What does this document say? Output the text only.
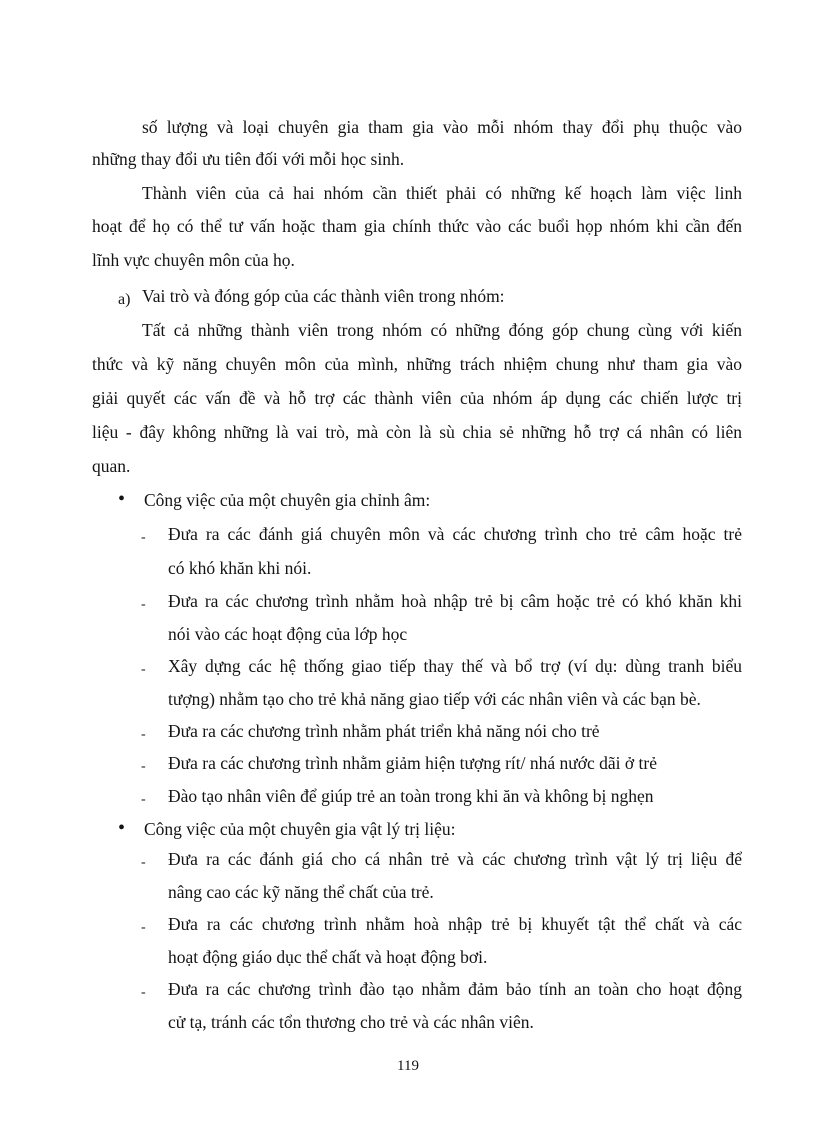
số lượng và loại chuyên gia tham gia vào mỗi nhóm thay đổi phụ thuộc vào
những thay đổi ưu tiên đối với mỗi học sinh.
Thành viên của cả hai nhóm cần thiết phải có những kế hoạch làm việc linh
hoạt để họ có thể tư vấn hoặc tham gia chính thức vào các buổi họp nhóm khi cần đến
lĩnh vực chuyên môn của họ.
a) Vai trò và đóng góp của các thành viên trong nhóm:
Tất cả những thành viên trong nhóm có những đóng góp chung cùng với kiến
thức và kỹ năng chuyên môn của mình, những trách nhiệm chung như tham gia vào
giải quyết các vấn đề và hỗ trợ các thành viên của nhóm áp dụng các chiến lược trị
liệu - đây không những là vai trò, mà còn là sù chia sẻ những hỗ trợ cá nhân có liên
quan.
• Công việc của một chuyên gia chỉnh âm:
- Đưa ra các đánh giá chuyên môn và các chương trình cho trẻ câm hoặc trẻ
có khó khăn khi nói.
- Đưa ra các chương trình nhằm hoà nhập trẻ bị câm hoặc trẻ có khó khăn khi
nói vào các hoạt động của lớp học
- Xây dựng các hệ thống giao tiếp thay thế và bổ trợ (ví dụ: dùng tranh biểu
tượng) nhằm tạo cho trẻ khả năng giao tiếp với các nhân viên và các bạn bè.
- Đưa ra các chương trình nhằm phát triển khả năng nói cho trẻ
- Đưa ra các chương trình nhằm giảm hiện tượng rít/ nhá nước dãi ở trẻ
- Đào tạo nhân viên để giúp trẻ an toàn trong khi ăn và không bị nghẹn
• Công việc của một chuyên gia vật lý trị liệu:
- Đưa ra các đánh giá cho cá nhân trẻ và các chương trình vật lý trị liệu để
nâng cao các kỹ năng thể chất của trẻ.
- Đưa ra các chương trình nhằm hoà nhập trẻ bị khuyết tật thể chất và các
hoạt động giáo dục thể chất và hoạt động bơi.
- Đưa ra các chương trình đào tạo nhằm đảm bảo tính an toàn cho hoạt động
cử tạ, tránh các tổn thương cho trẻ và các nhân viên.
119
